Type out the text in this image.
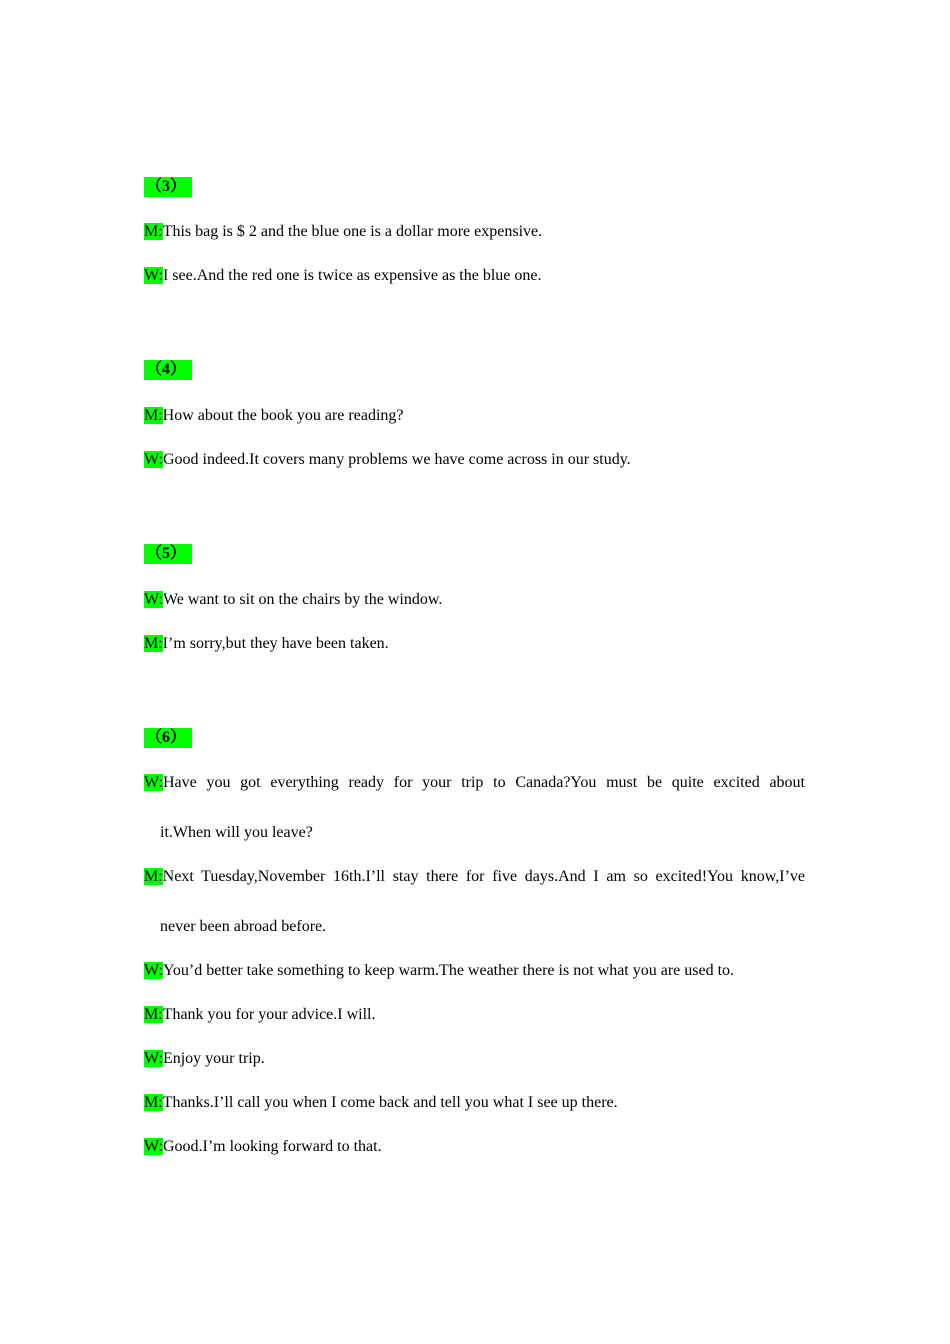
（3）
M:This bag is $ 2 and the blue one is a dollar more expensive.
W:I see.And the red one is twice as expensive as the blue one.
（4）
M:How about the book you are reading?
W:Good indeed.It covers many problems we have come across in our study.
（5）
W:We want to sit on the chairs by the window.
M:I’m sorry,but they have been taken.
（6）
W:Have you got everything ready for your trip to Canada?You must be quite excited about
it.When will you leave?
M:Next Tuesday,November 16th.I’ll stay there for five days.And I am so excited!You know,I’ve
never been abroad before.
W:You’d better take something to keep warm.The weather there is not what you are used to.
M:Thank you for your advice.I will.
W:Enjoy your trip.
M:Thanks.I’ll call you when I come back and tell you what I see up there.
W:Good.I’m looking forward to that.
